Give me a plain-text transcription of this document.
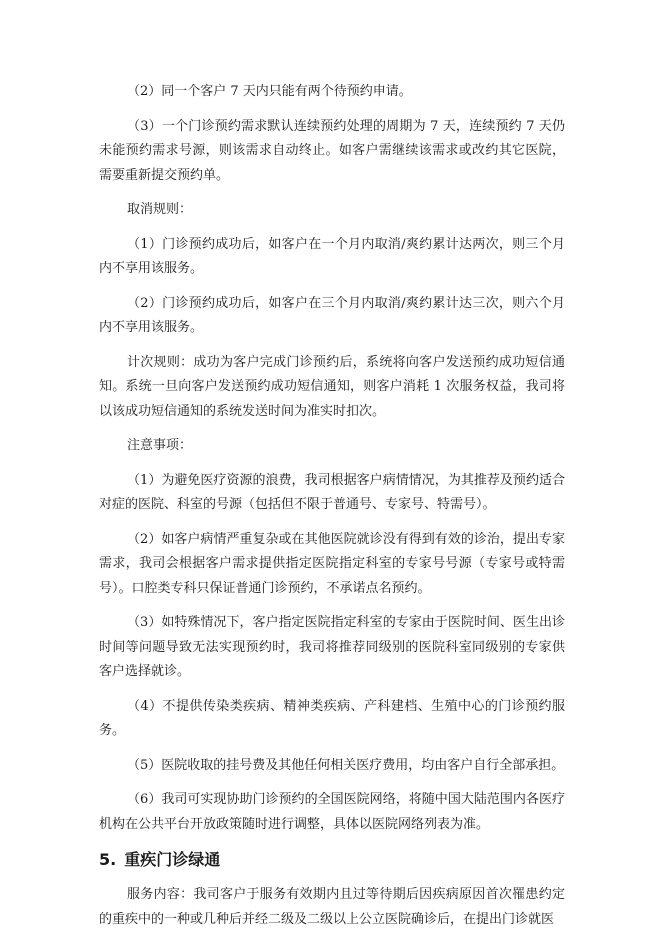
（2）同一个客户 7 天内只能有两个待预约申请。

（3）一个门诊预约需求默认连续预约处理的周期为 7 天，连续预约 7 天仍未能预约需求号源，则该需求自动终止。如客户需继续该需求或改约其它医院，需要重新提交预约单。

取消规则：

（1）门诊预约成功后，如客户在一个月内取消/爽约累计达两次，则三个月内不享用该服务。

（2）门诊预约成功后，如客户在三个月内取消/爽约累计达三次，则六个月内不享用该服务。

计次规则：成功为客户完成门诊预约后，系统将向客户发送预约成功短信通知。系统一旦向客户发送预约成功短信通知，则客户消耗 1 次服务权益，我司将以该成功短信通知的系统发送时间为准实时扣次。

注意事项：

（1）为避免医疗资源的浪费，我司根据客户病情情况，为其推荐及预约适合对症的医院、科室的号源（包括但不限于普通号、专家号、特需号）。

（2）如客户病情严重复杂或在其他医院就诊没有得到有效的诊治，提出专家需求，我司会根据客户需求提供指定医院指定科室的专家号号源（专家号或特需号）。口腔类专科只保证普通门诊预约，不承诺点名预约。

（3）如特殊情况下，客户指定医院指定科室的专家由于医院时间、医生出诊时间等问题导致无法实现预约时，我司将推荐同级别的医院科室同级别的专家供客户选择就诊。

（4）不提供传染类疾病、精神类疾病、产科建档、生殖中心的门诊预约服务。

（5）医院收取的挂号费及其他任何相关医疗费用，均由客户自行全部承担。

（6）我司可实现协助门诊预约的全国医院网络，将随中国大陆范围内各医疗机构在公共平台开放政策随时进行调整，具体以医院网络列表为准。

5. 重疾门诊绿通

服务内容：我司客户于服务有效期内且过等待期后因疾病原因首次罹患约定的重疾中的一种或几种后并经二级及二级以上公立医院确诊后，在提出门诊就医
